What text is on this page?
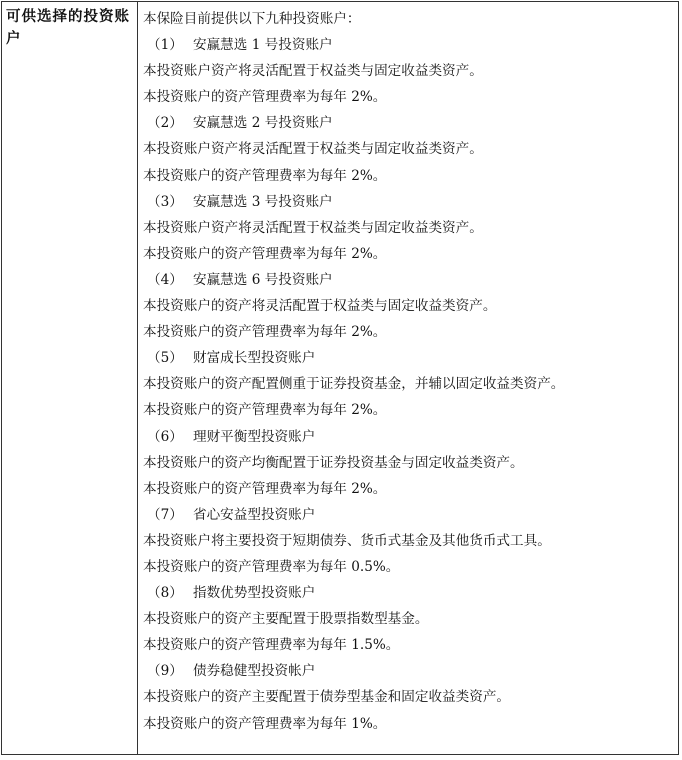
可供选择的投资账户
本保险目前提供以下九种投资账户：
（1） 安赢慧选 1 号投资账户
本投资账户资产将灵活配置于权益类与固定收益类资产。
本投资账户的资产管理费率为每年 2%。
（2） 安赢慧选 2 号投资账户
本投资账户资产将灵活配置于权益类与固定收益类资产。
本投资账户的资产管理费率为每年 2%。
（3） 安赢慧选 3 号投资账户
本投资账户资产将灵活配置于权益类与固定收益类资产。
本投资账户的资产管理费率为每年 2%。
（4） 安赢慧选 6 号投资账户
本投资账户的资产将灵活配置于权益类与固定收益类资产。
本投资账户的资产管理费率为每年 2%。
（5） 财富成长型投资账户
本投资账户的资产配置侧重于证券投资基金，并辅以固定收益类资产。
本投资账户的资产管理费率为每年 2%。
（6） 理财平衡型投资账户
本投资账户的资产均衡配置于证券投资基金与固定收益类资产。
本投资账户的资产管理费率为每年 2%。
（7） 省心安益型投资账户
本投资账户将主要投资于短期债券、货币式基金及其他货币式工具。
本投资账户的资产管理费率为每年 0.5%。
（8） 指数优势型投资账户
本投资账户的资产主要配置于股票指数型基金。
本投资账户的资产管理费率为每年 1.5%。
（9） 债券稳健型投资帐户
本投资账户的资产主要配置于债券型基金和固定收益类资产。
本投资账户的资产管理费率为每年 1%。
